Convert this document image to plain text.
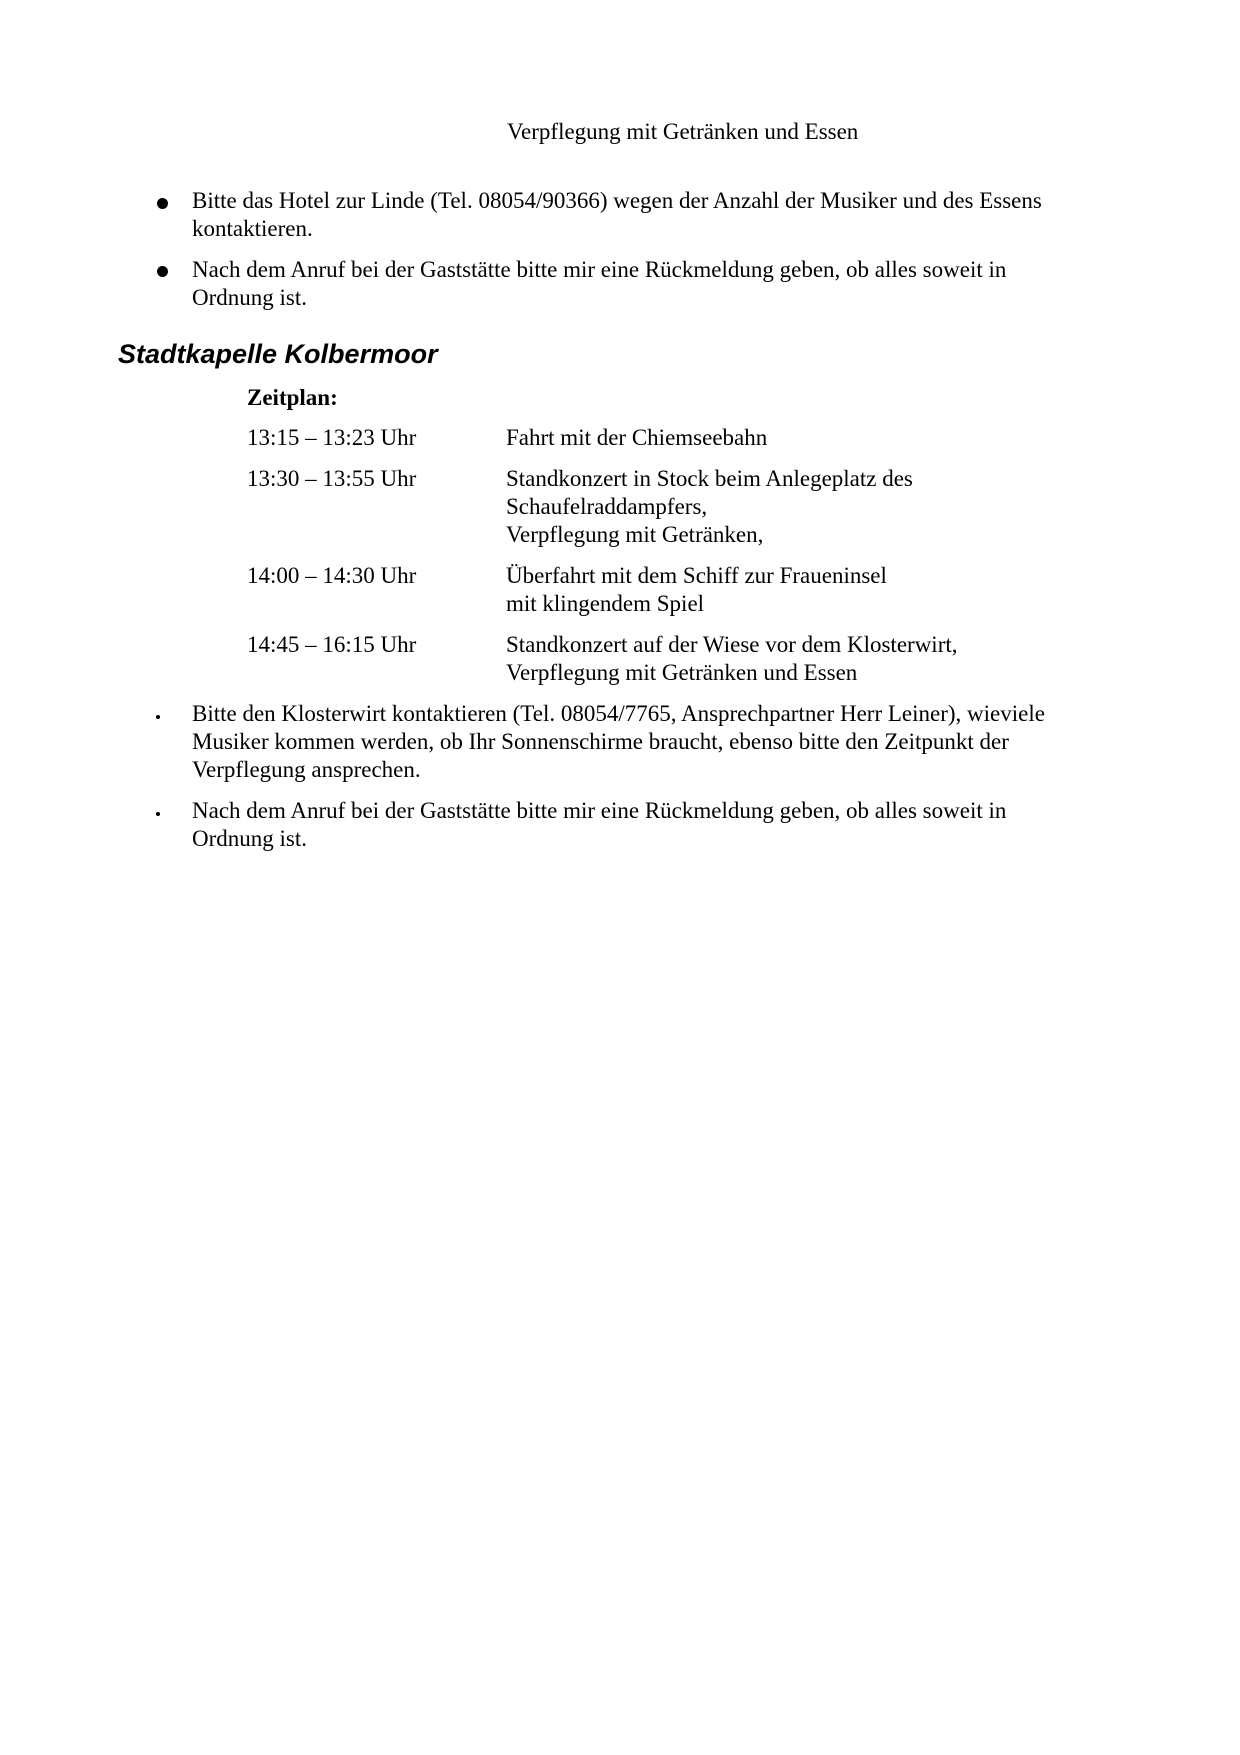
Verpflegung mit Getränken und Essen
Bitte das Hotel zur Linde (Tel. 08054/90366) wegen der Anzahl der Musiker und des Essens
kontaktieren.
Nach dem Anruf bei der Gaststätte bitte mir eine Rückmeldung geben, ob alles soweit in
Ordnung ist.
Stadtkapelle Kolbermoor
Zeitplan:
13:15 – 13:23 Uhr	Fahrt mit der Chiemseebahn
13:30 – 13:55 Uhr	Standkonzert in Stock beim Anlegeplatz des
Schaufelraddampfers,
Verpflegung mit Getränken,
14:00 – 14:30 Uhr	Überfahrt mit dem Schiff zur Fraueninsel
mit klingendem Spiel
14:45 – 16:15 Uhr	Standkonzert auf der Wiese vor dem Klosterwirt,
Verpflegung mit Getränken und Essen
Bitte den Klosterwirt kontaktieren (Tel. 08054/7765, Ansprechpartner Herr Leiner), wieviele
Musiker kommen werden, ob Ihr Sonnenschirme braucht, ebenso bitte den Zeitpunkt der
Verpflegung ansprechen.
Nach dem Anruf bei der Gaststätte bitte mir eine Rückmeldung geben, ob alles soweit in
Ordnung ist.
